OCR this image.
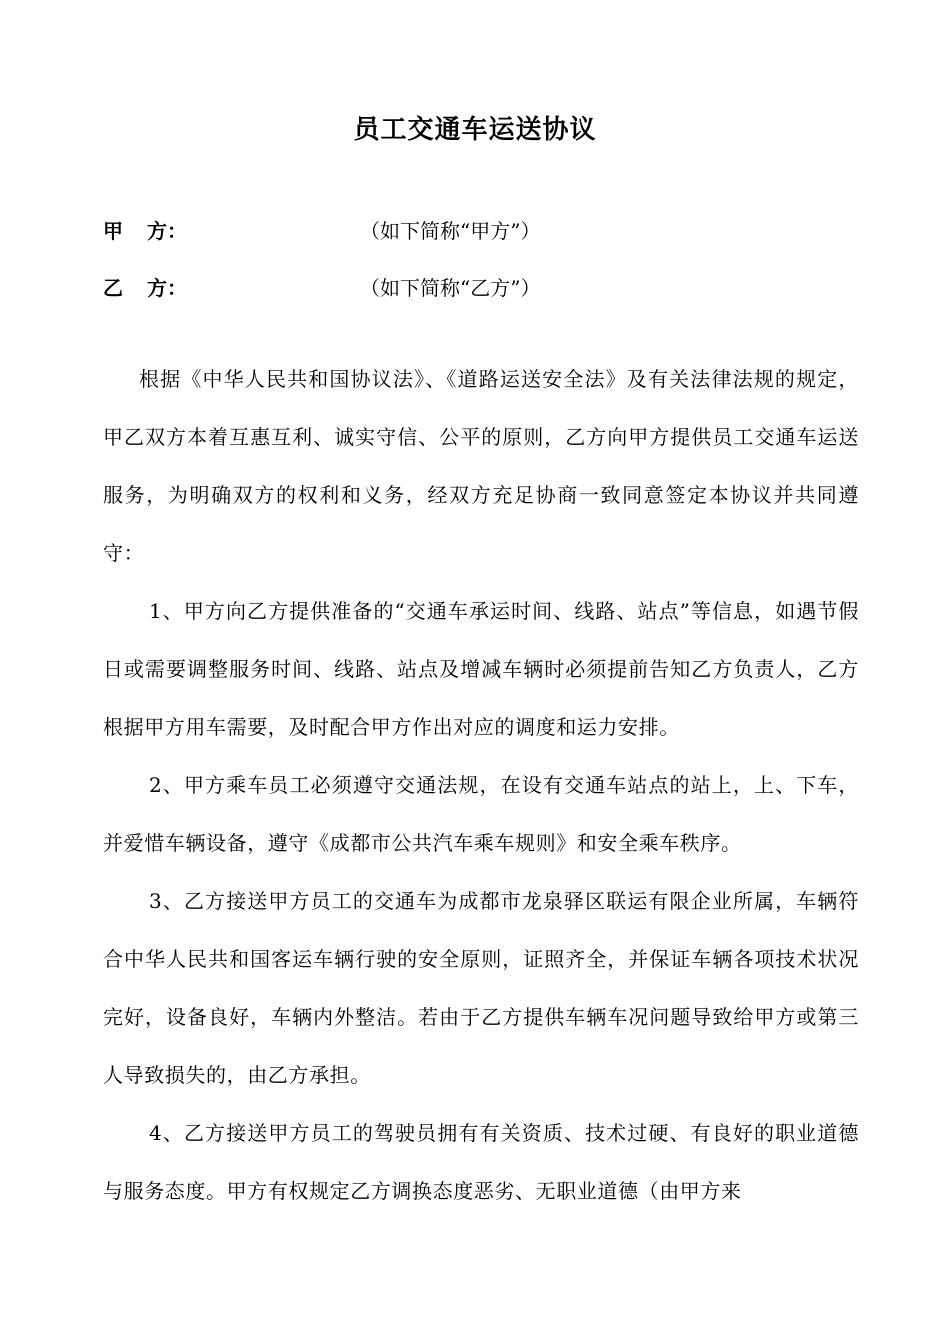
员工交通车运送协议
甲 方：	（如下简称“甲方”）
乙 方：	（如下简称“乙方”）

根据《中华人民共和国协议法》、《道路运送安全法》及有关法律法规的规定，甲乙双方本着互惠互利、诚实守信、公平的原则，乙方向甲方提供员工交通车运送服务，为明确双方的权利和义务，经双方充足协商一致同意签定本协议并共同遵守：

1、甲方向乙方提供准备的“交通车承运时间、线路、站点”等信息，如遇节假日或需要调整服务时间、线路、站点及增减车辆时必须提前告知乙方负责人，乙方根据甲方用车需要，及时配合甲方作出对应的调度和运力安排。

2、甲方乘车员工必须遵守交通法规，在设有交通车站点的站上，上、下车，并爱惜车辆设备，遵守《成都市公共汽车乘车规则》和安全乘车秩序。

3、乙方接送甲方员工的交通车为成都市龙泉驿区联运有限企业所属，车辆符合中华人民共和国客运车辆行驶的安全原则，证照齐全，并保证车辆各项技术状况完好，设备良好，车辆内外整洁。若由于乙方提供车辆车况问题导致给甲方或第三人导致损失的，由乙方承担。

4、乙方接送甲方员工的驾驶员拥有有关资质、技术过硬、有良好的职业道德与服务态度。甲方有权规定乙方调换态度恶劣、无职业道德（由甲方来
